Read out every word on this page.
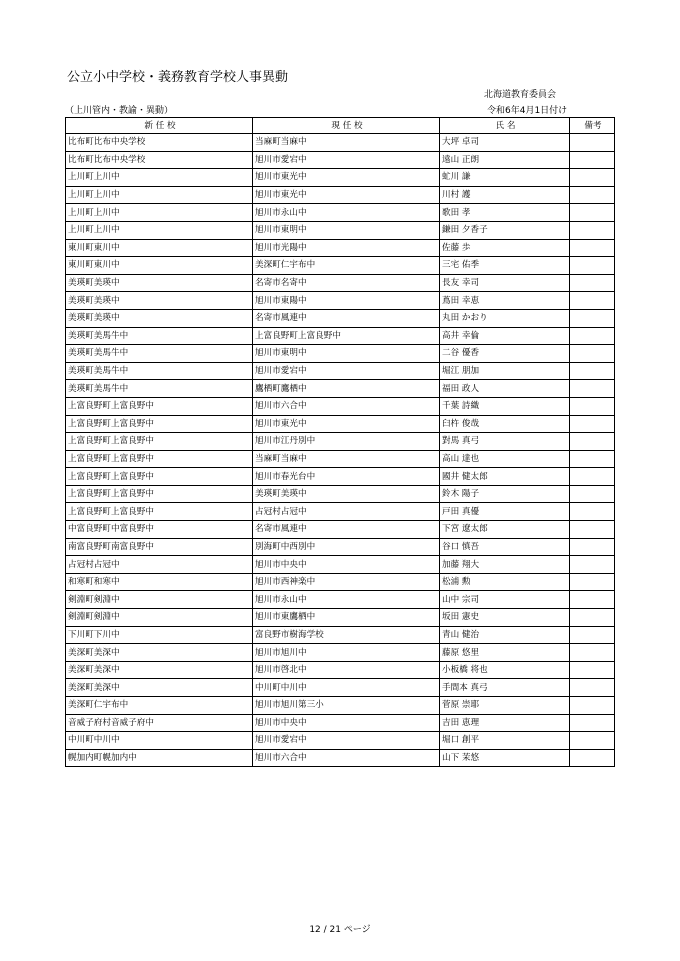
公立小中学校・義務教育学校人事異動
北海道教育委員会
（上川管内・教諭・異動）	令和6年4月1日付け
新 任 校	現 任 校	氏 名	備考
比布町比布中央学校	当麻町当麻中	大坪 卓司	
比布町比布中央学校	旭川市愛宕中	遠山 正朗	
上川町上川中	旭川市東光中	虻川 謙	
上川町上川中	旭川市東光中	川村 護	
上川町上川中	旭川市永山中	歌田 孝	
上川町上川中	旭川市東明中	鎌田 夕香子	
東川町東川中	旭川市光陽中	佐藤 歩	
東川町東川中	美深町仁宇布中	三宅 佑季	
美瑛町美瑛中	名寄市名寄中	長友 幸司	
美瑛町美瑛中	旭川市東陽中	蔦田 幸恵	
美瑛町美瑛中	名寄市風連中	丸田 かおり	
美瑛町美馬牛中	上富良野町上富良野中	高井 幸倫	
美瑛町美馬牛中	旭川市東明中	二谷 優香	
美瑛町美馬牛中	旭川市愛宕中	堀江 朋加	
美瑛町美馬牛中	鷹栖町鷹栖中	福田 政人	
上富良野町上富良野中	旭川市六合中	千葉 詩織	
上富良野町上富良野中	旭川市東光中	臼杵 俊哉	
上富良野町上富良野中	旭川市江丹別中	對馬 真弓	
上富良野町上富良野中	当麻町当麻中	高山 達也	
上富良野町上富良野中	旭川市春光台中	國井 健太郎	
上富良野町上富良野中	美瑛町美瑛中	鈴木 陽子	
上富良野町上富良野中	占冠村占冠中	戸田 真優	
中富良野町中富良野中	名寄市風連中	下宮 遼太郎	
南富良野町南富良野中	別海町中西別中	谷口 慎吾	
占冠村占冠中	旭川市中央中	加藤 翔大	
和寒町和寒中	旭川市西神楽中	松浦 勲	
剣淵町剣淵中	旭川市永山中	山中 宗司	
剣淵町剣淵中	旭川市東鷹栖中	坂田 憲史	
下川町下川中	富良野市樹海学校	青山 健治	
美深町美深中	旭川市旭川中	藤原 悠里	
美深町美深中	旭川市啓北中	小板橋 将也	
美深町美深中	中川町中川中	手間本 真弓	
美深町仁宇布中	旭川市旭川第三小	菅原 崇耶	
音威子府村音威子府中	旭川市中央中	吉田 恵理	
中川町中川中	旭川市愛宕中	堀口 創平	
幌加内町幌加内中	旭川市六合中	山下 茉悠	
12 / 21 ページ
